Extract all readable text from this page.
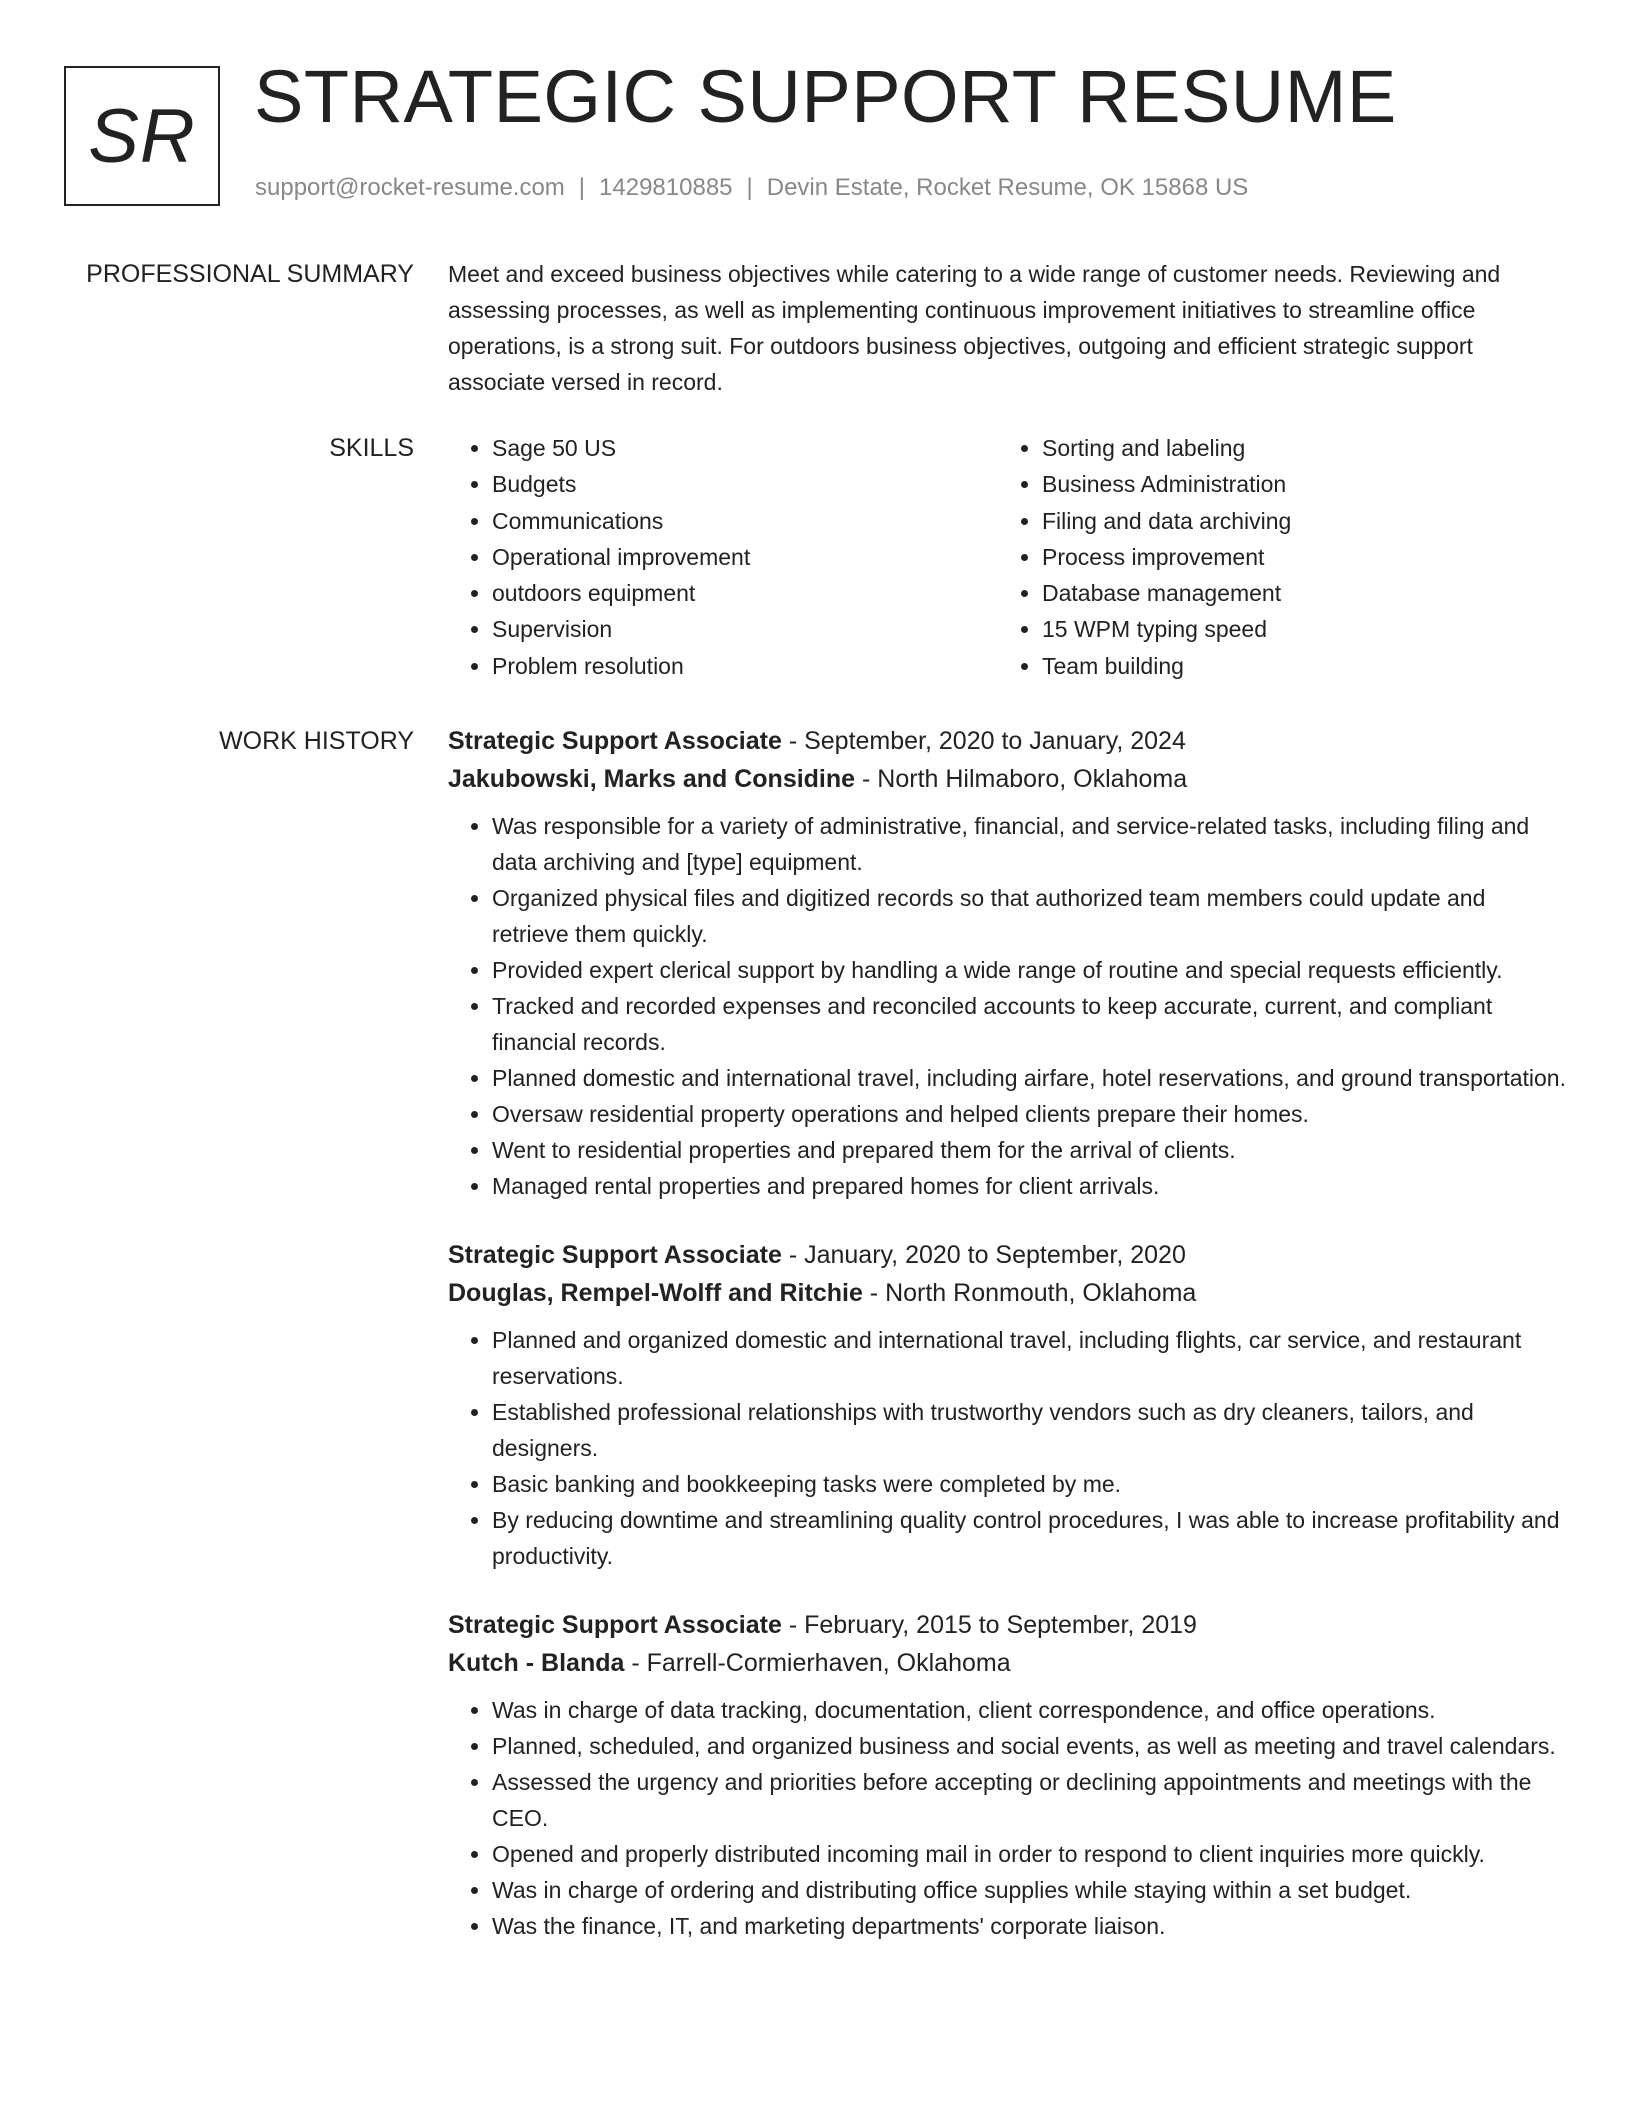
SR STRATEGIC SUPPORT RESUME
support@rocket-resume.com | 1429810885 | Devin Estate, Rocket Resume, OK 15868 US
PROFESSIONAL SUMMARY Meet and exceed business objectives while catering to a wide range of customer needs. Reviewing and assessing processes, as well as implementing continuous improvement initiatives to streamline office operations, is a strong suit. For outdoors business objectives, outgoing and efficient strategic support associate versed in record.

SKILLS
•	Sage 50 US
• Budgets
• Communications
• Operational improvement
• outdoors equipment
• Supervision
• Problem resolution
• Sorting and labeling
• Business Administration
• Filing and data archiving
• Process improvement
• Database management
• 15 WPM typing speed
• Team building
WORK HISTORY Strategic Support Associate - September, 2020 to January, 2024
Jakubowski, Marks and Considine - North Hilmaboro, Oklahoma
• Was responsible for a variety of administrative, financial, and service-related tasks, including filing and data archiving and [type] equipment.
• Organized physical files and digitized records so that authorized team members could update and retrieve them quickly.
• Provided expert clerical support by handling a wide range of routine and special requests efficiently.
• Tracked and recorded expenses and reconciled accounts to keep accurate, current, and compliant financial records.
• Planned domestic and international travel, including airfare, hotel reservations, and ground transportation.
• Oversaw residential property operations and helped clients prepare their homes.
• Went to residential properties and prepared them for the arrival of clients.
• Managed rental properties and prepared homes for client arrivals.
Strategic Support Associate - January, 2020 to September, 2020
Douglas, Rempel-Wolff and Ritchie - North Ronmouth, Oklahoma
• Planned and organized domestic and international travel, including flights, car service, and restaurant reservations.
• Established professional relationships with trustworthy vendors such as dry cleaners, tailors, and designers.
• Basic banking and bookkeeping tasks were completed by me.
• By reducing downtime and streamlining quality control procedures, I was able to increase profitability and productivity.
Strategic Support Associate - February, 2015 to September, 2019
Kutch - Blanda - Farrell-Cormierhaven, Oklahoma
• Was in charge of data tracking, documentation, client correspondence, and office operations.
• Planned, scheduled, and organized business and social events, as well as meeting and travel calendars.
• Assessed the urgency and priorities before accepting or declining appointments and meetings with the CEO.
• Opened and properly distributed incoming mail in order to respond to client inquiries more quickly.
• Was in charge of ordering and distributing office supplies while staying within a set budget.
• Was the finance, IT, and marketing departments' corporate liaison.
